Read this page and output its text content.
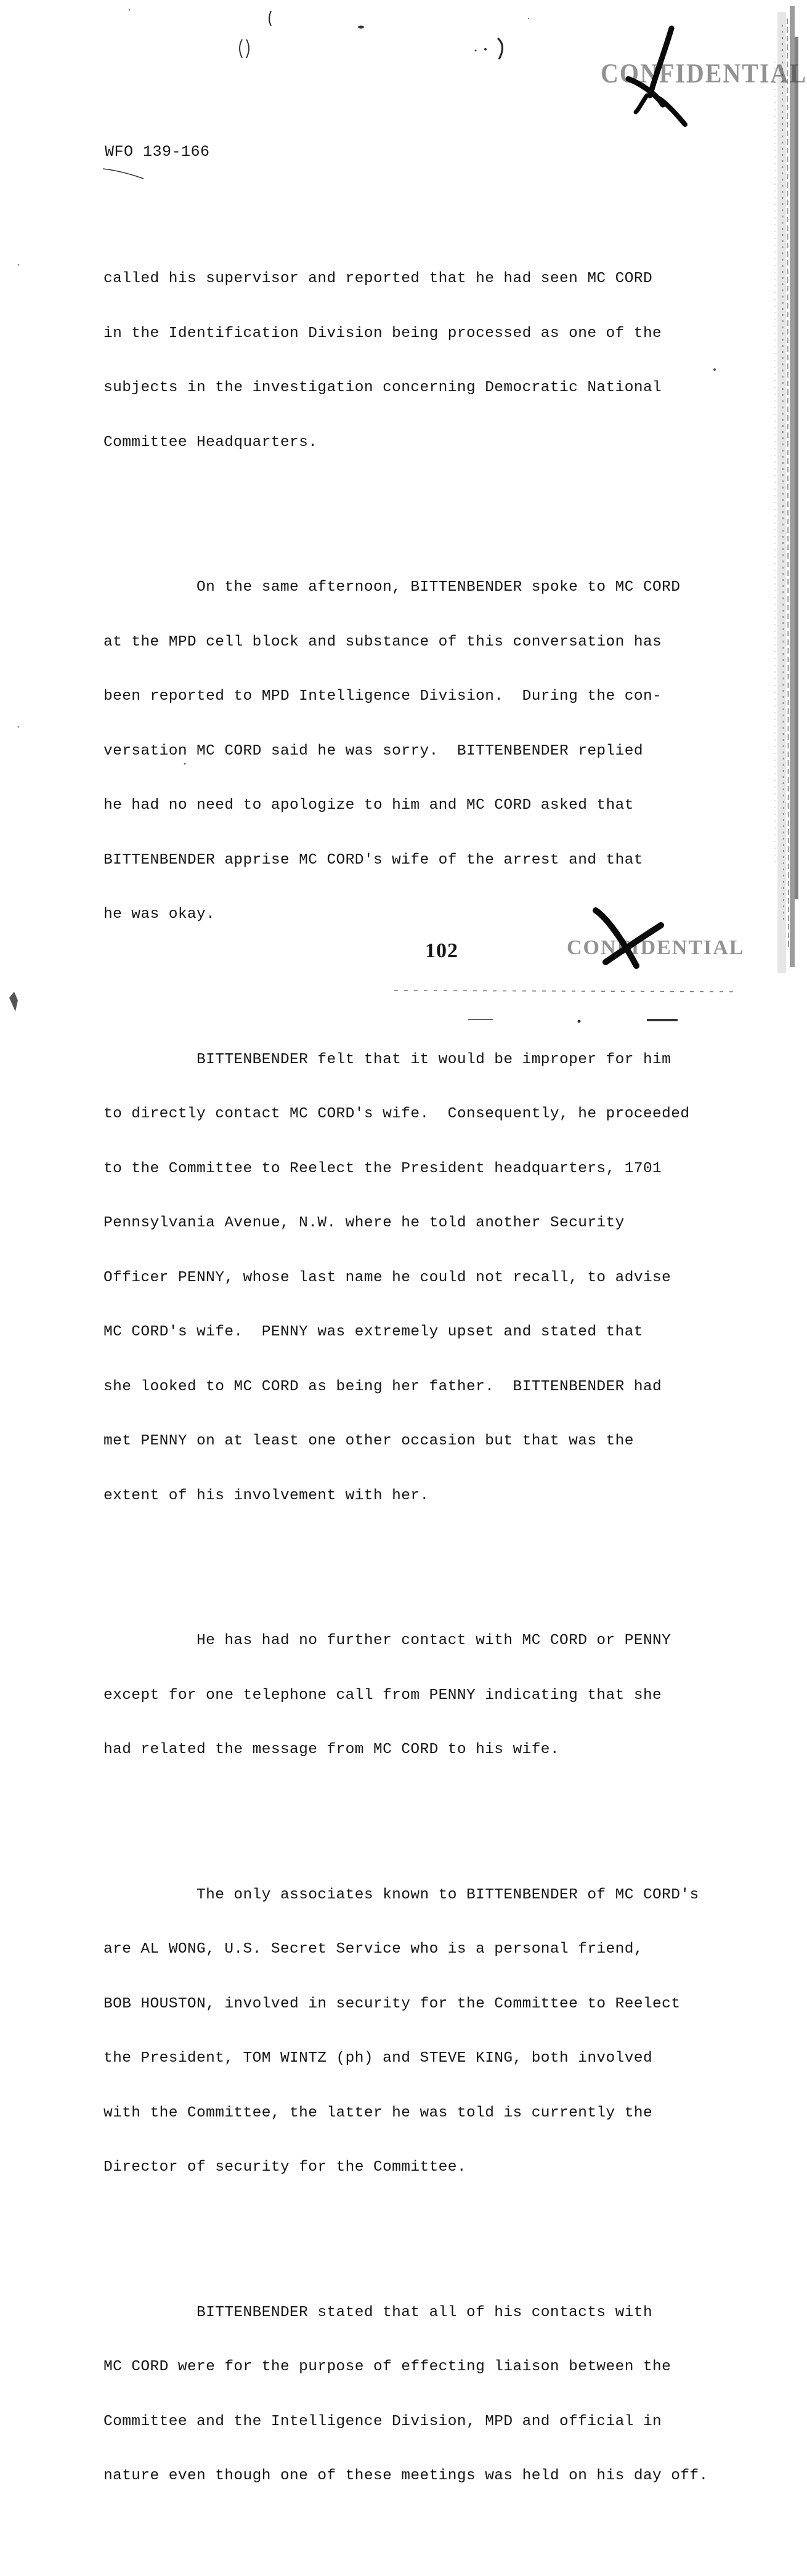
CONFIDENTIAL
WFO 139-166

called his supervisor and reported that he had seen MC CORD

in the Identification Division being processed as one of the

subjects in the investigation concerning Democratic National

Committee Headquarters.

On the same afternoon, BITTENBENDER spoke to MC CORD

at the MPD cell block and substance of this conversation has

been reported to MPD Intelligence Division.  During the con-

versation MC CORD said he was sorry.  BITTENBENDER replied

he had no need to apologize to him and MC CORD asked that

BITTENBENDER apprise MC CORD's wife of the arrest and that

he was okay.

BITTENBENDER felt that it would be improper for him

to directly contact MC CORD's wife.  Consequently, he proceeded

to the Committee to Reelect the President headquarters, 1701

Pennsylvania Avenue, N.W. where he told another Security

Officer PENNY, whose last name he could not recall, to advise

MC CORD's wife.  PENNY was extremely upset and stated that

she looked to MC CORD as being her father.  BITTENBENDER had

met PENNY on at least one other occasion but that was the

extent of his involvement with her.

He has had no further contact with MC CORD or PENNY

except for one telephone call from PENNY indicating that she

had related the message from MC CORD to his wife.

The only associates known to BITTENBENDER of MC CORD's

are AL WONG, U.S. Secret Service who is a personal friend,

BOB HOUSTON, involved in security for the Committee to Reelect

the President, TOM WINTZ (ph) and STEVE KING, both involved

with the Committee, the latter he was told is currently the

Director of security for the Committee.

BITTENBENDER stated that all of his contacts with

MC CORD were for the purpose of effecting liaison between the

Committee and the Intelligence Division, MPD and official in

nature even though one of these meetings was held on his day off.

102	CONFIDENTIAL
